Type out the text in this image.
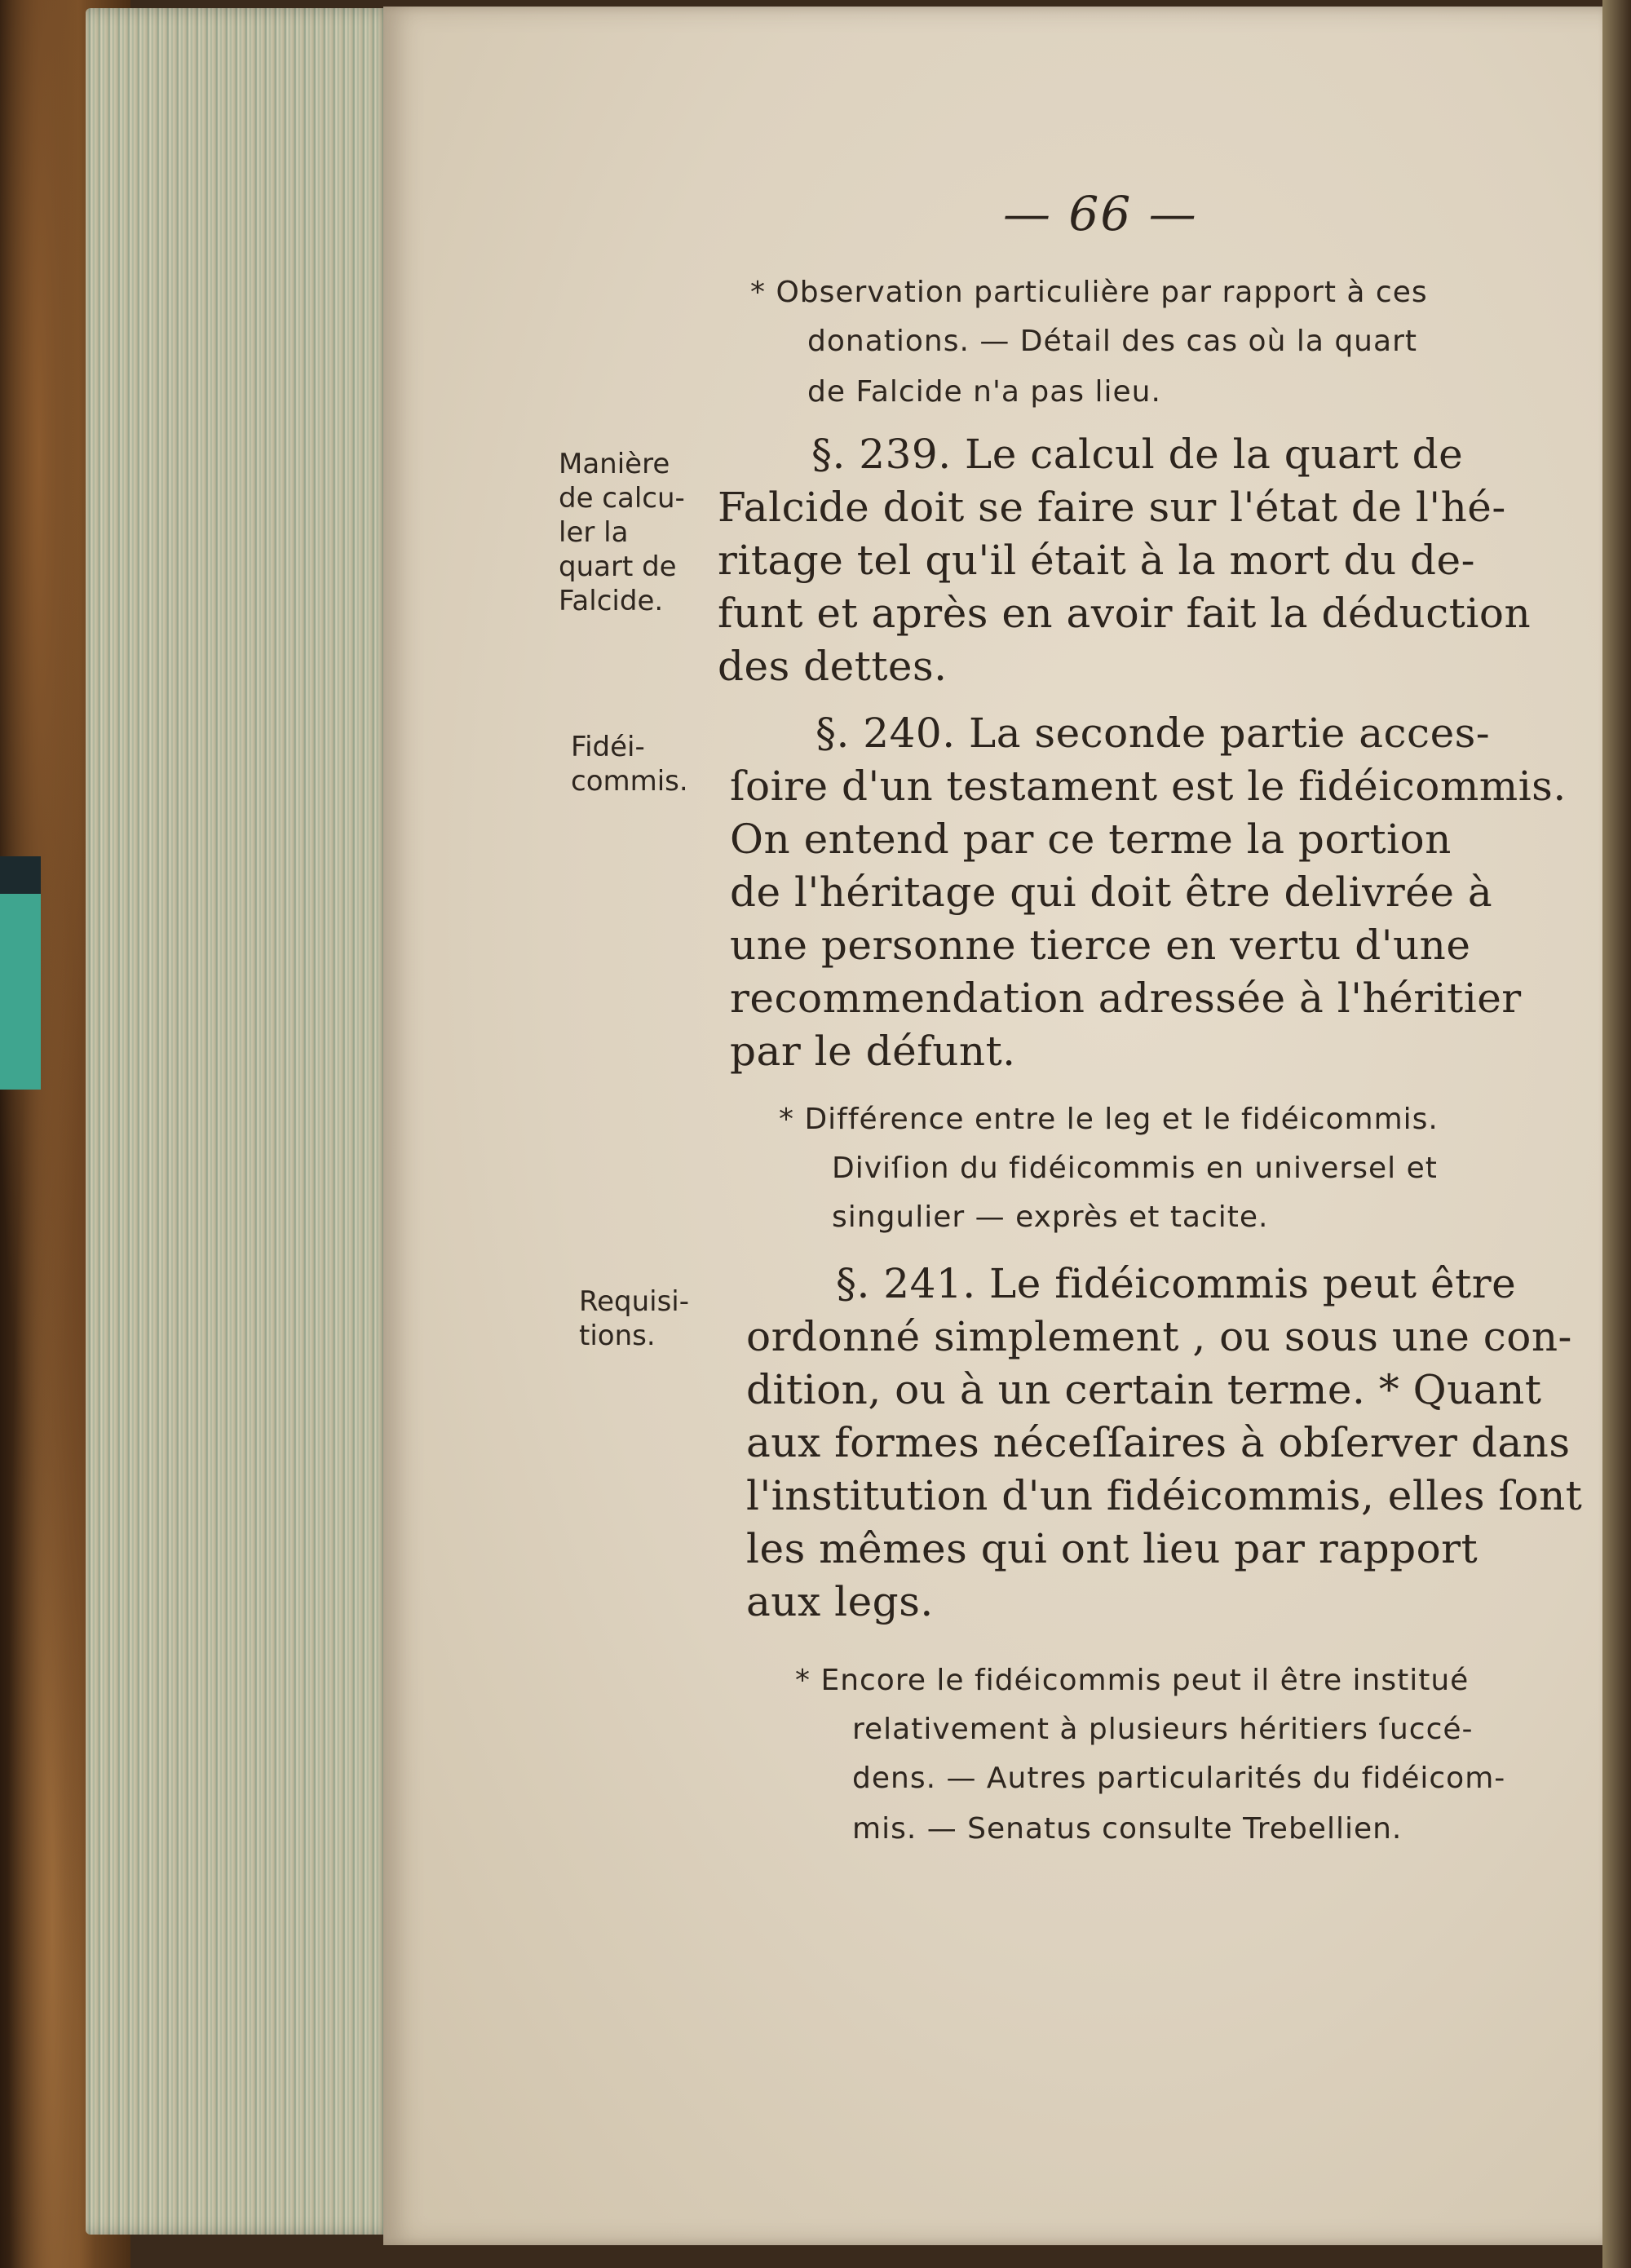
— 66 —
* Observation particulière par rapport à ces
donations. — Détail des cas où la quart
de Falcide n'a pas lieu.
Manière
de calcu-
ler la
quart de
Falcide.
§. 239. Le calcul de la quart de
Falcide doit se faire sur l'état de l'hé-
ritage tel qu'il était à la mort du de-
funt et après en avoir fait la déduction
des dettes.
Fidéi-
commis.
§. 240. La seconde partie acces-
ſoire d'un testament est le fidéicommis.
On entend par ce terme la portion
de l'héritage qui doit être delivrée à
une personne tierce en vertu d'une
recommendation adressée à l'héritier
par le défunt.
* Différence entre le leg et le fidéicommis.
Diviſion du fidéicommis en universel et
singulier — exprès et tacite.
Requisi-
tions.
§. 241. Le fidéicommis peut être
ordonné simplement , ou sous une con-
dition, ou à un certain terme. * Quant
aux formes néceſſaires à obſerver dans
l'institution d'un fidéicommis, elles ſont
les mêmes qui ont lieu par rapport
aux legs.
* Encore le fidéicommis peut il être institué
relativement à plusieurs héritiers ſuccé-
dens. — Autres particularités du fidéicom-
mis. — Senatus consulte Trebellien.
